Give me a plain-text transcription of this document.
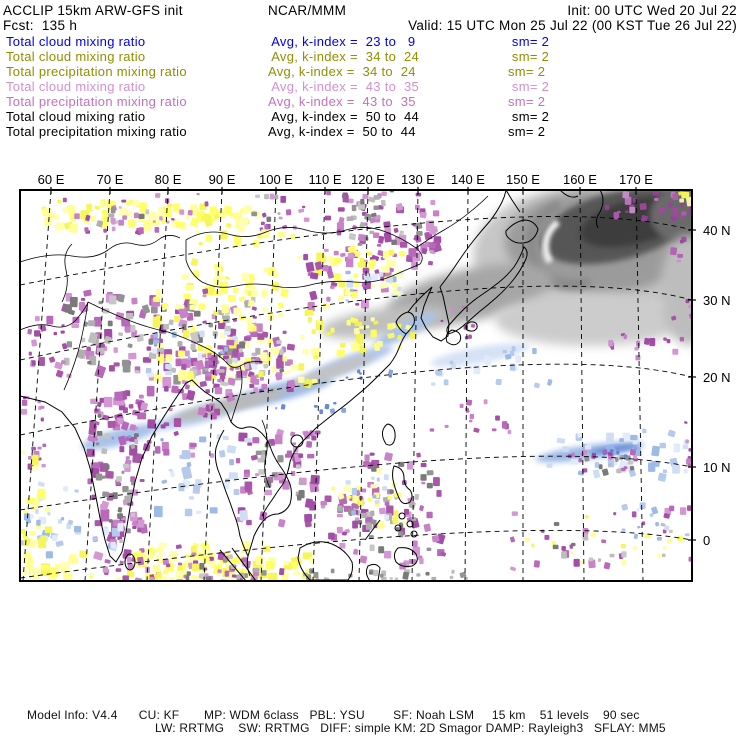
ACCLIP 15km ARW-GFS init	NCAR/MMM	Init: 00 UTC Wed 20 Jul 22
Fcst:  135 h	Valid: 15 UTC Mon 25 Jul 22 (00 KST Tue 26 Jul 22)
Total cloud mixing ratio	Avg, k-index =  23 to   9	sm= 2
Total cloud mixing ratio	Avg, k-index =  34 to  24	sm= 2
Total precipitation mixing ratio	Avg, k-index =  34 to  24	sm= 2
Total cloud mixing ratio	Avg, k-index =  43 to  35	sm= 2
Total precipitation mixing ratio	Avg, k-index =  43 to  35	sm= 2
Total cloud mixing ratio	Avg, k-index =  50 to  44	sm= 2
Total precipitation mixing ratio	Avg, k-index =  50 to  44	sm= 2
60 E 70 E 80 E 90 E 100 E 110 E 120 E 130 E 140 E 150 E 160 E 170 E
40 N
30 N
20 N
10 N
0
Model Info: V4.4      CU: KF       MP: WDM 6class   PBL: YSU        SF: Noah LSM     15 km    51 levels    90 sec
LW: RRTMG    SW: RRTMG   DIFF: simple KM: 2D Smagor DAMP: Rayleigh3   SFLAY: MM5
